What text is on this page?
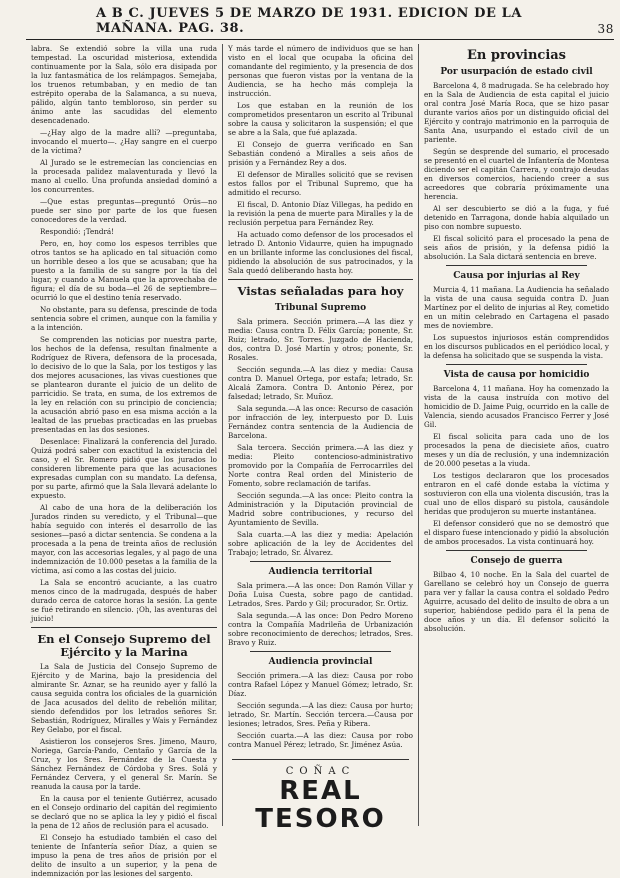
A B C. JUEVES 5 DE MARZO DE 1931. EDICION DE LA MAÑANA. PAG. 38.	38

labra. Se extendió sobre la villa una ruda tempestad. La oscuridad misteriosa, extendida continuamente por la Sala, sólo era disipada por la luz fantasmática de los relámpagos. Semejaba, los truenos retumbaban, y en medio de tan estrépito operaba de la Salamanca, a su nueva, pálido, algún tanto tembloroso, sin perder su ánimo ante las sacudidas del elemento desencadenado.

—¿Hay algo de la madre allí? —preguntaba, invocando el muerto—. ¿Hay sangre en el cuerpo de la víctima?

Al Jurado se le estremecían las conciencias en la procesada palidez malaventurada y llevó la mano al cuello. Una profunda ansiedad dominó a los concurrentes.

—Que estas preguntas—preguntó Orús—no puede ser sino por parte de los que fuesen conocedores de la verdad.

Respondió: ¡Tendrá!

Pero, en, hoy como los espesos terribles que otros tantos se ha aplicado en tal situación como un horrible deseo a los que se acusaban; que ha puesto a la familia de su sangre por la tía del lugar, y cuando a Manuela que la aprovechaba de figura; el día de su boda—el 26 de septiembre—ocurrió lo que el destino tenía reservado.

No obstante, para su defensa, prescinde de toda sentencia sobre el crimen, aunque con la familia y a la intención.

Se comprenden las noticias por nuestra parte, los hechos de la defensa, resultan finalmente a Rodríguez de Rivera, defensora de la procesada, lo decisivo de lo que la Sala, por los testigos y las dos mejores acusaciones, las vivas cuestiones que se plantearon durante el juicio de un delito de parricidio. Se trata, en suma, de los extremos de la ley en relación con su principio de conciencia; la acusación abrió paso en esa misma acción a la lealtad de las pruebas practicadas en las pruebas presentadas en las dos sesiones.

Desenlace: Finalizará la conferencia del Jurado. Quizá podrá saber con exactitud la existencia del caso, y el Sr. Romero pidió que los jurados lo consideren libremente para que las acusaciones expresadas cumplan con su mandato. La defensa, por su parte, afirmó que la Sala llevará adelante lo expuesto.

Al cabo de una hora de la deliberación los Jurados rinden su veredicto, y el Tribunal—que había seguido con interés el desarrollo de las sesiones—pasó a dictar sentencia. Se condena a la procesada a la pena de treinta años de reclusión mayor, con las accesorias legales, y al pago de una indemnización de 10.000 pesetas a la familia de la víctima, así como a las costas del juicio.

La Sala se encontró acuciante, a las cuatro menos cinco de la madrugada, después de haber durado cerca de catorce horas la sesión. La gente se fué retirando en silencio. ¡Oh, las aventuras del juicio!

En el Consejo Supremo del Ejército y la Marina

La Sala de Justicia del Consejo Supremo de Ejército y de Marina, bajo la presidencia del almirante Sr. Aznar, se ha reunido ayer y falló la causa seguida contra los oficiales de la guarnición de Jaca acusados del delito de rebelión militar, siendo defendidos por los letrados señores Sr. Sebastián, Rodríguez, Miralles y Wais y Fernández Rey Gelabo, por el fiscal.

Asistieron los consejeros Sres. Jimeno, Mauro, Noriega, García-Pando, Centaño y García de la Cruz, y los Sres. Fernández de la Cuesta y Sánchez Fernández de Córdoba y Sres. Solá y Fernández Cervera, y el general Sr. Marín. Se reanuda la causa por la tarde.

En la causa por el teniente Gutiérrez, acusado en el Consejo ordinario del capitán del regimiento se declaró que no se aplica la ley y pidió el fiscal la pena de 12 años de reclusión para el acusado.

El Consejo ha estudiado también el caso del teniente de Infantería señor Díaz, a quien se impuso la pena de tres años de prisión por el delito de insulto a un superior, y la pena de indemnización por las lesiones del sargento.

Y más tarde el número de individuos que se han visto en el local que ocupaba la oficina del comandante del regimiento, y la presencia de dos personas que fueron vistas por la ventana de la Audiencia, se ha hecho más compleja la instrucción.

Los que estaban en la reunión de los comprometidos presentaron un escrito al Tribunal sobre la causa y solicitaron la suspensión; el que se abre a la Sala, que fué aplazada.

El Consejo de guerra verificado en San Sebastián condenó a Miralles a seis años de prisión y a Fernández Rey a dos.

El defensor de Miralles solicitó que se revisen estos fallos por el Tribunal Supremo, que ha admitido el recurso.

El fiscal, D. Antonio Díaz Villegas, ha pedido en la revisión la pena de muerte para Miralles y la de reclusión perpetua para Fernández Rey.

Ha actuado como defensor de los procesados el letrado D. Antonio Vidaurre, quien ha impugnado en un brillante informe las conclusiones del fiscal, pidiendo la absolución de sus patrocinados, y la Sala quedó deliberando hasta hoy.

Vistas señaladas para hoy
Tribunal Supremo

Sala primera. Sección primera.—A las diez y media: Causa contra D. Félix García; ponente, Sr. Ruiz; letrado, Sr. Torres. Juzgado de Hacienda, dos, contra D. José Martín y otros; ponente, Sr. Rosales.

Sección segunda.—A las diez y media: Causa contra D. Manuel Ortega, por estafa; letrado, Sr. Alcalá Zamora. Contra D. Antonio Pérez, por falsedad; letrado, Sr. Muñoz.

Sala segunda.—A las once: Recurso de casación por infracción de ley, interpuesto por D. Luis Fernández contra sentencia de la Audiencia de Barcelona.

Sala tercera. Sección primera.—A las diez y media: Pleito contencioso-administrativo promovido por la Compañía de Ferrocarriles del Norte contra Real orden del Ministerio de Fomento, sobre reclamación de tarifas.

Sección segunda.—A las once: Pleito contra la Administración y la Diputación provincial de Madrid sobre contribuciones, y recurso del Ayuntamiento de Sevilla.

Sala cuarta.—A las diez y media: Apelación sobre aplicación de la ley de Accidentes del Trabajo; letrado, Sr. Álvarez.

Audiencia territorial

Sala primera.—A las once: Don Ramón Villar y Doña Luisa Cuesta, sobre pago de cantidad. Letrados, Sres. Pardo y Gil; procurador, Sr. Ortiz.

Sala segunda.—A las once: Don Pedro Moreno contra la Compañía Madrileña de Urbanización sobre reconocimiento de derechos; letrados, Sres. Bravo y Ruiz.

Audiencia provincial

Sección primera.—A las diez: Causa por robo contra Rafael López y Manuel Gómez; letrado, Sr. Díaz.

Sección segunda.—A las diez: Causa por hurto; letrado, Sr. Martín. Sección tercera.—Causa por lesiones; letrados, Sres. Peña y Ribera.

Sección cuarta.—A las diez: Causa por robo contra Manuel Pérez; letrado, Sr. Jiménez Asúa.

COÑAC
REAL TESORO
En provincias
Por usurpación de estado civil

Barcelona 4, 8 madrugada. Se ha celebrado hoy en la Sala de Audiencia de esta capital el juicio oral contra José María Roca, que se hizo pasar durante varios años por un distinguido oficial del Ejército y contrajo matrimonio en la parroquia de Santa Ana, usurpando el estado civil de un pariente.

Según se desprende del sumario, el procesado se presentó en el cuartel de Infantería de Montesa diciendo ser el capitán Carrera, y contrajo deudas en diversos comercios, haciendo creer a sus acreedores que cobraría próximamente una herencia.

Al ser descubierto se dió a la fuga, y fué detenido en Tarragona, donde había alquilado un piso con nombre supuesto.

El fiscal solicitó para el procesado la pena de seis años de prisión, y la defensa pidió la absolución. La Sala dictará sentencia en breve.

Causa por injurias al Rey

Murcia 4, 11 mañana. La Audiencia ha señalado la vista de una causa seguida contra D. Juan Martínez por el delito de injurias al Rey, cometido en un mitin celebrado en Cartagena el pasado mes de noviembre.

Los supuestos injuriosos están comprendidos en los discursos publicados en el periódico local, y la defensa ha solicitado que se suspenda la vista.

Vista de causa por homicidio

Barcelona 4, 11 mañana. Hoy ha comenzado la vista de la causa instruída con motivo del homicidio de D. Jaime Puig, ocurrido en la calle de Valencia, siendo acusados Francisco Ferrer y José Gil.

El fiscal solicita para cada uno de los procesados la pena de diecisiete años, cuatro meses y un día de reclusión, y una indemnización de 20.000 pesetas a la viuda.

Los testigos declararon que los procesados entraron en el café donde estaba la víctima y sostuvieron con ella una violenta discusión, tras la cual uno de ellos disparó su pistola, causándole heridas que produjeron su muerte instantánea.

El defensor consideró que no se demostró que el disparo fuese intencionado y pidió la absolución de ambos procesados. La vista continuará hoy.

Consejo de guerra

Bilbao 4, 10 noche. En la Sala del cuartel de Garellano se celebró hoy un Consejo de guerra para ver y fallar la causa contra el soldado Pedro Aguirre, acusado del delito de insulto de obra a un superior, habiéndose pedido para él la pena de doce años y un día. El defensor solicitó la absolución.
